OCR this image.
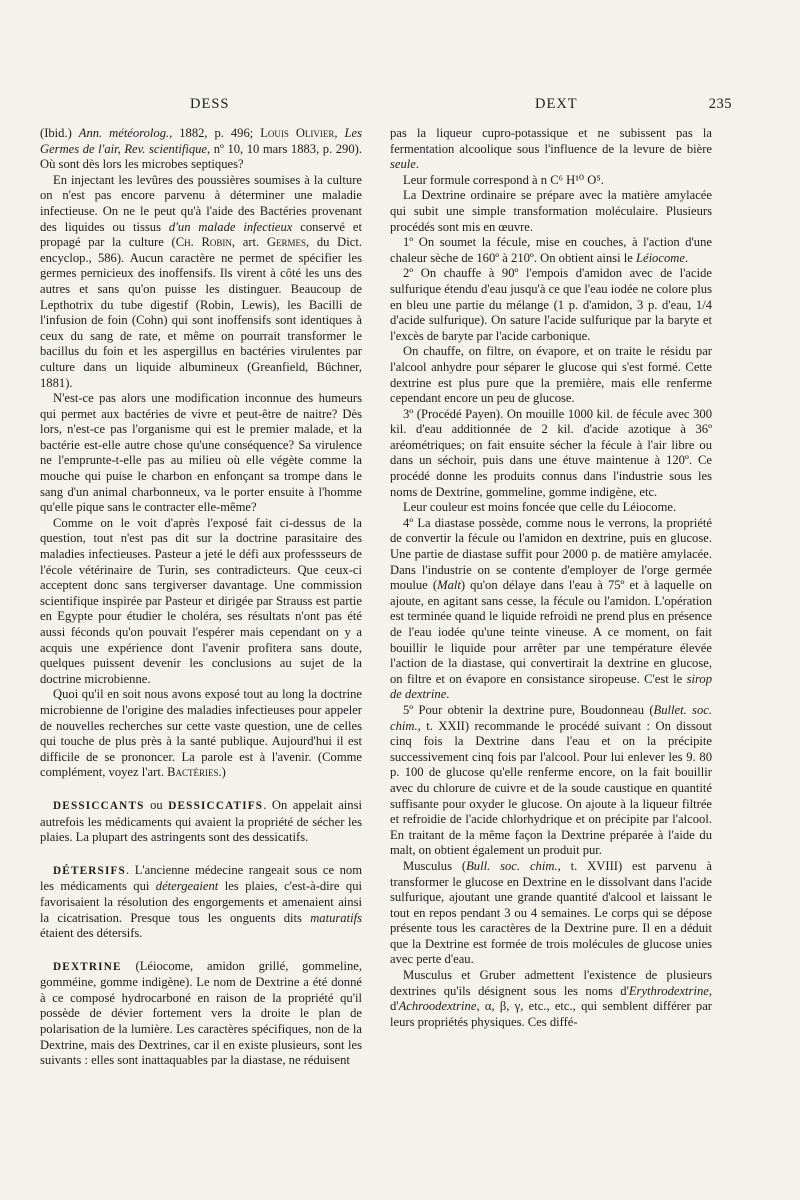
DESS	DEXT	235

(Ibid.) Ann. météorolog., 1882, p. 496; Louis Olivier, Les Germes de l'air, Rev. scientifique, nº 10, 10 mars 1883, p. 290). Où sont dès lors les microbes septiques?

En injectant les levûres des poussières soumises à la culture on n'est pas encore parvenu à déterminer une maladie infectieuse. On ne le peut qu'à l'aide des Bactéries provenant des liquides ou tissus d'un malade infectieux conservé et propagé par la culture (Ch. Robin, art. Germes, du Dict. encyclop., 586). Aucun caractère ne permet de spécifier les germes pernicieux des inoffensifs. Ils virent à côté les uns des autres et sans qu'on puisse les distinguer. Beaucoup de Lepthotrix du tube digestif (Robin, Lewis), les Bacilli de l'infusion de foin (Cohn) qui sont inoffensifs sont identiques à ceux du sang de rate, et même on pourrait transformer le bacillus du foin et les aspergillus en bactéries virulentes par culture dans un liquide albumineux (Greanfield, Büchner, 1881).

N'est-ce pas alors une modification inconnue des humeurs qui permet aux bactéries de vivre et peut-être de naitre? Dès lors, n'est-ce pas l'organisme qui est le premier malade, et la bactérie est-elle autre chose qu'une conséquence? Sa virulence ne l'emprunte-t-elle pas au milieu où elle végète comme la mouche qui puise le charbon en enfonçant sa trompe dans le sang d'un animal charbonneux, va le porter ensuite à l'homme qu'elle pique sans le contracter elle-même?

Comme on le voit d'après l'exposé fait ci-dessus de la question, tout n'est pas dit sur la doctrine parasitaire des maladies infectieuses. Pasteur a jeté le défi aux professseurs de l'école vétérinaire de Turin, ses contradicteurs. Que ceux-ci acceptent donc sans tergiverser davantage. Une commission scientifique inspirée par Pasteur et dirigée par Strauss est partie en Egypte pour étudier le choléra, ses résultats n'ont pas été aussi féconds qu'on pouvait l'espérer mais cependant on y a acquis une expérience dont l'avenir profitera sans doute, quelques puissent devenir les conclusions au sujet de la doctrine microbienne.

Quoi qu'il en soit nous avons exposé tout au long la doctrine microbienne de l'origine des maladies infectieuses pour appeler de nouvelles recherches sur cette vaste question, une de celles qui touche de plus près à la santé publique. Aujourd'hui il est difficile de se prononcer. La parole est à l'avenir. (Comme complément, voyez l'art. Bactéries.)

DESSICCANTS ou DESSICCATIFS. On appelait ainsi autrefois les médicaments qui avaient la propriété de sécher les plaies. La plupart des astringents sont des dessicatifs.

DÉTERSIFS. L'ancienne médecine rangeait sous ce nom les médicaments qui détergeaient les plaies, c'est-à-dire qui favorisaient la résolution des engorgements et amenaient ainsi la cicatrisation. Presque tous les onguents dits maturatifs étaient des détersifs.

DEXTRINE (Léiocome, amidon grillé, gommeline, gomméine, gomme indigène). Le nom de Dextrine a été donné à ce composé hydrocarboné en raison de la propriété qu'il possède de dévier fortement vers la droite le plan de polarisation de la lumière. Les caractères spécifiques, non de la Dextrine, mais des Dextrines, car il en existe plusieurs, sont les suivants : elles sont inattaquables par la diastase, ne réduisent

pas la liqueur cupro-potassique et ne subissent pas la fermentation alcoolique sous l'influence de la levure de bière seule.

Leur formule correspond à n C⁶ H¹⁰ O⁵.

La Dextrine ordinaire se prépare avec la matière amylacée qui subit une simple transformation moléculaire. Plusieurs procédés sont mis en œuvre.

1º On soumet la fécule, mise en couches, à l'action d'une chaleur sèche de 160º à 210º. On obtient ainsi le Léiocome.

2º On chauffe à 90º l'empois d'amidon avec de l'acide sulfurique étendu d'eau jusqu'à ce que l'eau iodée ne colore plus en bleu une partie du mélange (1 p. d'amidon, 3 p. d'eau, 1/4 d'acide sulfurique). On sature l'acide sulfurique par la baryte et l'excès de baryte par l'acide carbonique.

On chauffe, on filtre, on évapore, et on traite le résidu par l'alcool anhydre pour séparer le glucose qui s'est formé. Cette dextrine est plus pure que la première, mais elle renferme cependant encore un peu de glucose.

3º (Procédé Payen). On mouille 1000 kil. de fécule avec 300 kil. d'eau additionnée de 2 kil. d'acide azotique à 36º aréométriques; on fait ensuite sécher la fécule à l'air libre ou dans un séchoir, puis dans une étuve maintenue à 120º. Ce procédé donne les produits connus dans l'industrie sous les noms de Dextrine, gommeline, gomme indigène, etc.

Leur couleur est moins foncée que celle du Léiocome.

4º La diastase possède, comme nous le verrons, la propriété de convertir la fécule ou l'amidon en dextrine, puis en glucose. Une partie de diastase suffit pour 2000 p. de matière amylacée. Dans l'industrie on se contente d'employer de l'orge germée moulue (Malt) qu'on délaye dans l'eau à 75º et à laquelle on ajoute, en agitant sans cesse, la fécule ou l'amidon. L'opération est terminée quand le liquide refroidi ne prend plus en présence de l'eau iodée qu'une teinte vineuse. A ce moment, on fait bouillir le liquide pour arrêter par une température élevée l'action de la diastase, qui convertirait la dextrine en glucose, on filtre et on évapore en consistance siropeuse. C'est le sirop de dextrine.

5º Pour obtenir la dextrine pure, Boudonneau (Bullet. soc. chim., t. XXII) recommande le procédé suivant : On dissout cinq fois la Dextrine dans l'eau et on la précipite successivement cinq fois par l'alcool. Pour lui enlever les 9. 80 p. 100 de glucose qu'elle renferme encore, on la fait bouillir avec du chlorure de cuivre et de la soude caustique en quantité suffisante pour oxyder le glucose. On ajoute à la liqueur filtrée et refroidie de l'acide chlorhydrique et on précipite par l'alcool. En traitant de la même façon la Dextrine préparée à l'aide du malt, on obtient également un produit pur.

Musculus (Bull. soc. chim., t. XVIII) est parvenu à transformer le glucose en Dextrine en le dissolvant dans l'acide sulfurique, ajoutant une grande quantité d'alcool et laissant le tout en repos pendant 3 ou 4 semaines. Le corps qui se dépose présente tous les caractères de la Dextrine pure. Il en a déduit que la Dextrine est formée de trois molécules de glucose unies avec perte d'eau.

Musculus et Gruber admettent l'existence de plusieurs dextrines qu'ils désignent sous les noms d'Erythrodextrine, d'Achroodextrine, α, β, γ, etc., etc., qui semblent différer par leurs propriétés physiques. Ces diffé-
